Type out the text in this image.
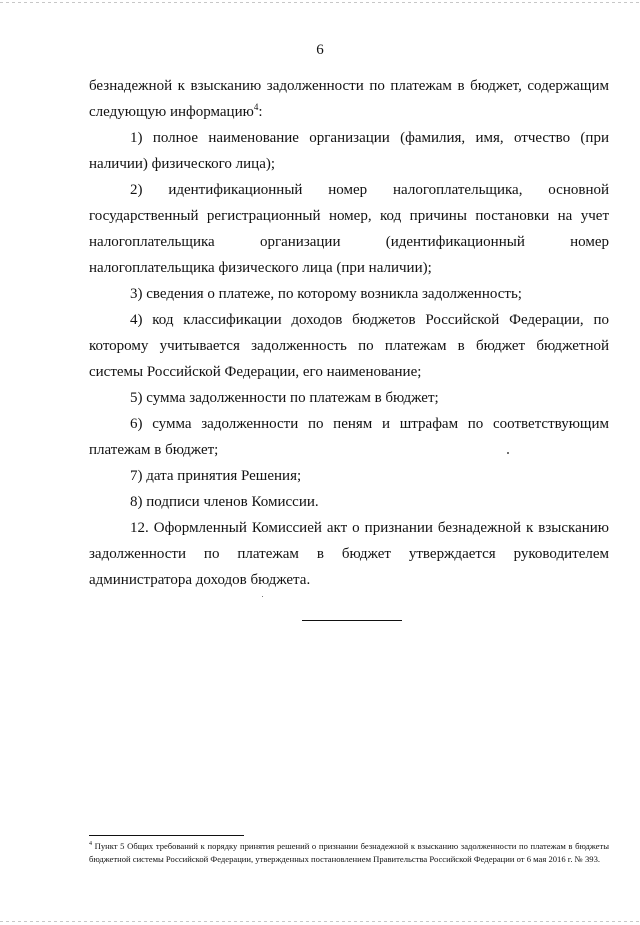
6

безнадежной к взысканию задолженности по платежам в бюджет, содержащим следующую информацию$^4$:

1) полное наименование организации (фамилия, имя, отчество (при наличии) физического лица);

2) идентификационный номер налогоплательщика, основной государственный регистрационный номер, код причины постановки на учет налогоплательщика организации (идентификационный номер налогоплательщика физического лица (при наличии);

3) сведения о платеже, по которому возникла задолженность;

4) код классификации доходов бюджетов Российской Федерации, по которому учитывается задолженность по платежам в бюджет бюджетной системы Российской Федерации, его наименование;

5) сумма задолженности по платежам в бюджет;

6) сумма задолженности по пеням и штрафам по соответствующим платежам в бюджет;

7) дата принятия Решения;

8) подписи членов Комиссии.

12. Оформленный Комиссией акт о признании безнадежной к взысканию задолженности по платежам в бюджет утверждается руководителем администратора доходов бюджета.

$^4$ Пункт 5 Общих требований к порядку принятия решений о признании безнадежной к взысканию задолженности по платежам в бюджеты бюджетной системы Российской Федерации, утвержденных постановлением Правительства Российской Федерации от 6 мая 2016 г. № 393.
